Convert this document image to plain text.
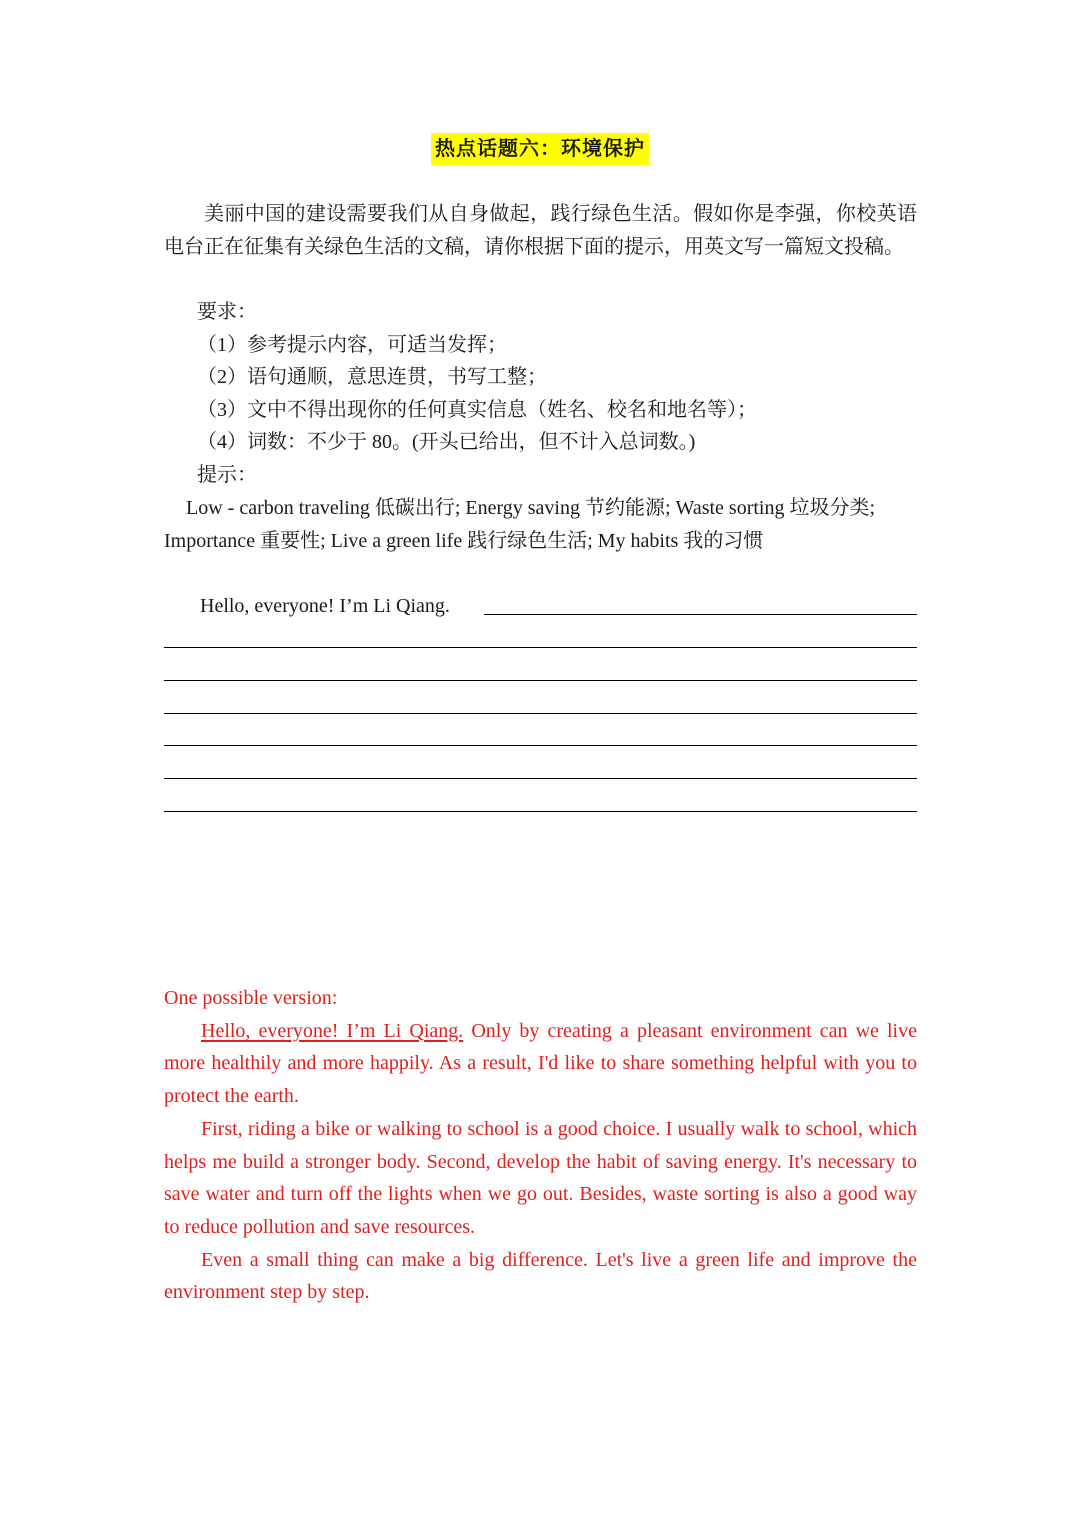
热点话题六：环境保护
美丽中国的建设需要我们从自身做起，践行绿色生活。假如你是李强，你校英语电台正在征集有关绿色生活的文稿，请你根据下面的提示，用英文写一篇短文投稿。
要求：
（1）参考提示内容，可适当发挥；
（2）语句通顺，意思连贯，书写工整；
（3）文中不得出现你的任何真实信息（姓名、校名和地名等）；
（4）词数：不少于 80。(开头已给出，但不计入总词数。)
提示：
Low - carbon traveling 低碳出行; Energy saving 节约能源; Waste sorting 垃圾分类; Importance 重要性; Live a green life 践行绿色生活; My habits 我的习惯
Hello, everyone! I’m Li Qiang.

One possible version:

Hello, everyone! I’m Li Qiang. Only by creating a pleasant environment can we live more healthily and more happily. As a result, I'd like to share something helpful with you to protect the earth.

First, riding a bike or walking to school is a good choice. I usually walk to school, which helps me build a stronger body. Second, develop the habit of saving energy. It's necessary to save water and turn off the lights when we go out. Besides, waste sorting is also a good way to reduce pollution and save resources.

Even a small thing can make a big difference. Let's live a green life and improve the environment step by step.
